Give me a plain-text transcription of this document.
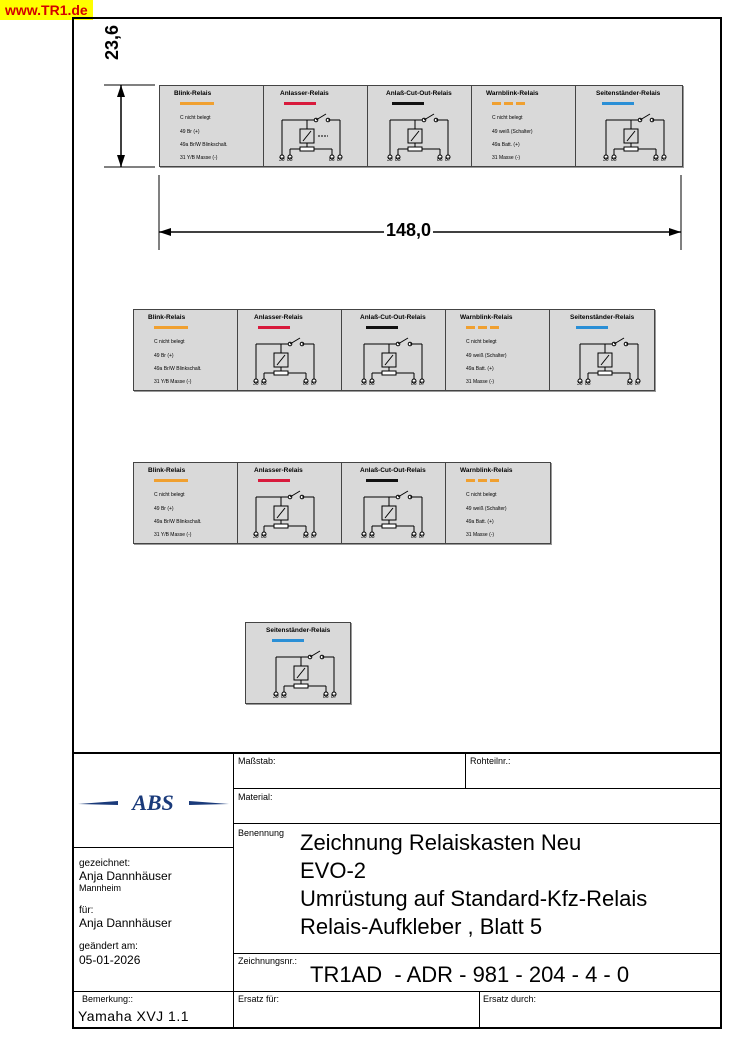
www.TR1.de
23,6
148,0
Blink-Relais
C nicht belegt
49 Br (+)
49a Br/W Blinkschalt.
31 Y/B Masse (-)
Anlasser-Relais
30 85	86 87
Anlaß-Cut-Out-Relais
30 85	86 87
Warnblink-Relais
C nicht belegt
49 weiß (Schalter)
49a Batt. (+)
31 Masse (-)
Seitenständer-Relais
30 85	86 87
Blink-Relais
C nicht belegt
49 Br (+)
49a Br/W Blinkschalt.
31 Y/B Masse (-)
Anlasser-Relais
30 85	86 87
Anlaß-Cut-Out-Relais
30 85	86 87
Warnblink-Relais
C nicht belegt
49 weiß (Schalter)
49a Batt. (+)
31 Masse (-)
Seitenständer-Relais
30 85	86 87
Blink-Relais
C nicht belegt
49 Br (+)
49a Br/W Blinkschalt.
31 Y/B Masse (-)
Anlasser-Relais
30 85	86 87
Anlaß-Cut-Out-Relais
30 85	86 87
Warnblink-Relais
C nicht belegt
49 weiß (Schalter)
49a Batt. (+)
31 Masse (-)
Seitenständer-Relais
30 85	86 87
Maßstab:	Rohteilnr.:
Material:
Benennung Zeichnung Relaiskasten Neu
EVO-2
Umrüstung auf Standard-Kfz-Relais
Relais-Aufkleber , Blatt 5
ABS
gezeichnet:
Anja Dannhäuser
Mannheim
für:
Anja Dannhäuser
geändert am:
05-01-2026	Zeichnungsnr.:
TR1AD  - ADR - 981 - 204 - 4 - 0
Bemerkung::
Yamaha XVJ 1.1
Ersatz für:	Ersatz durch:
